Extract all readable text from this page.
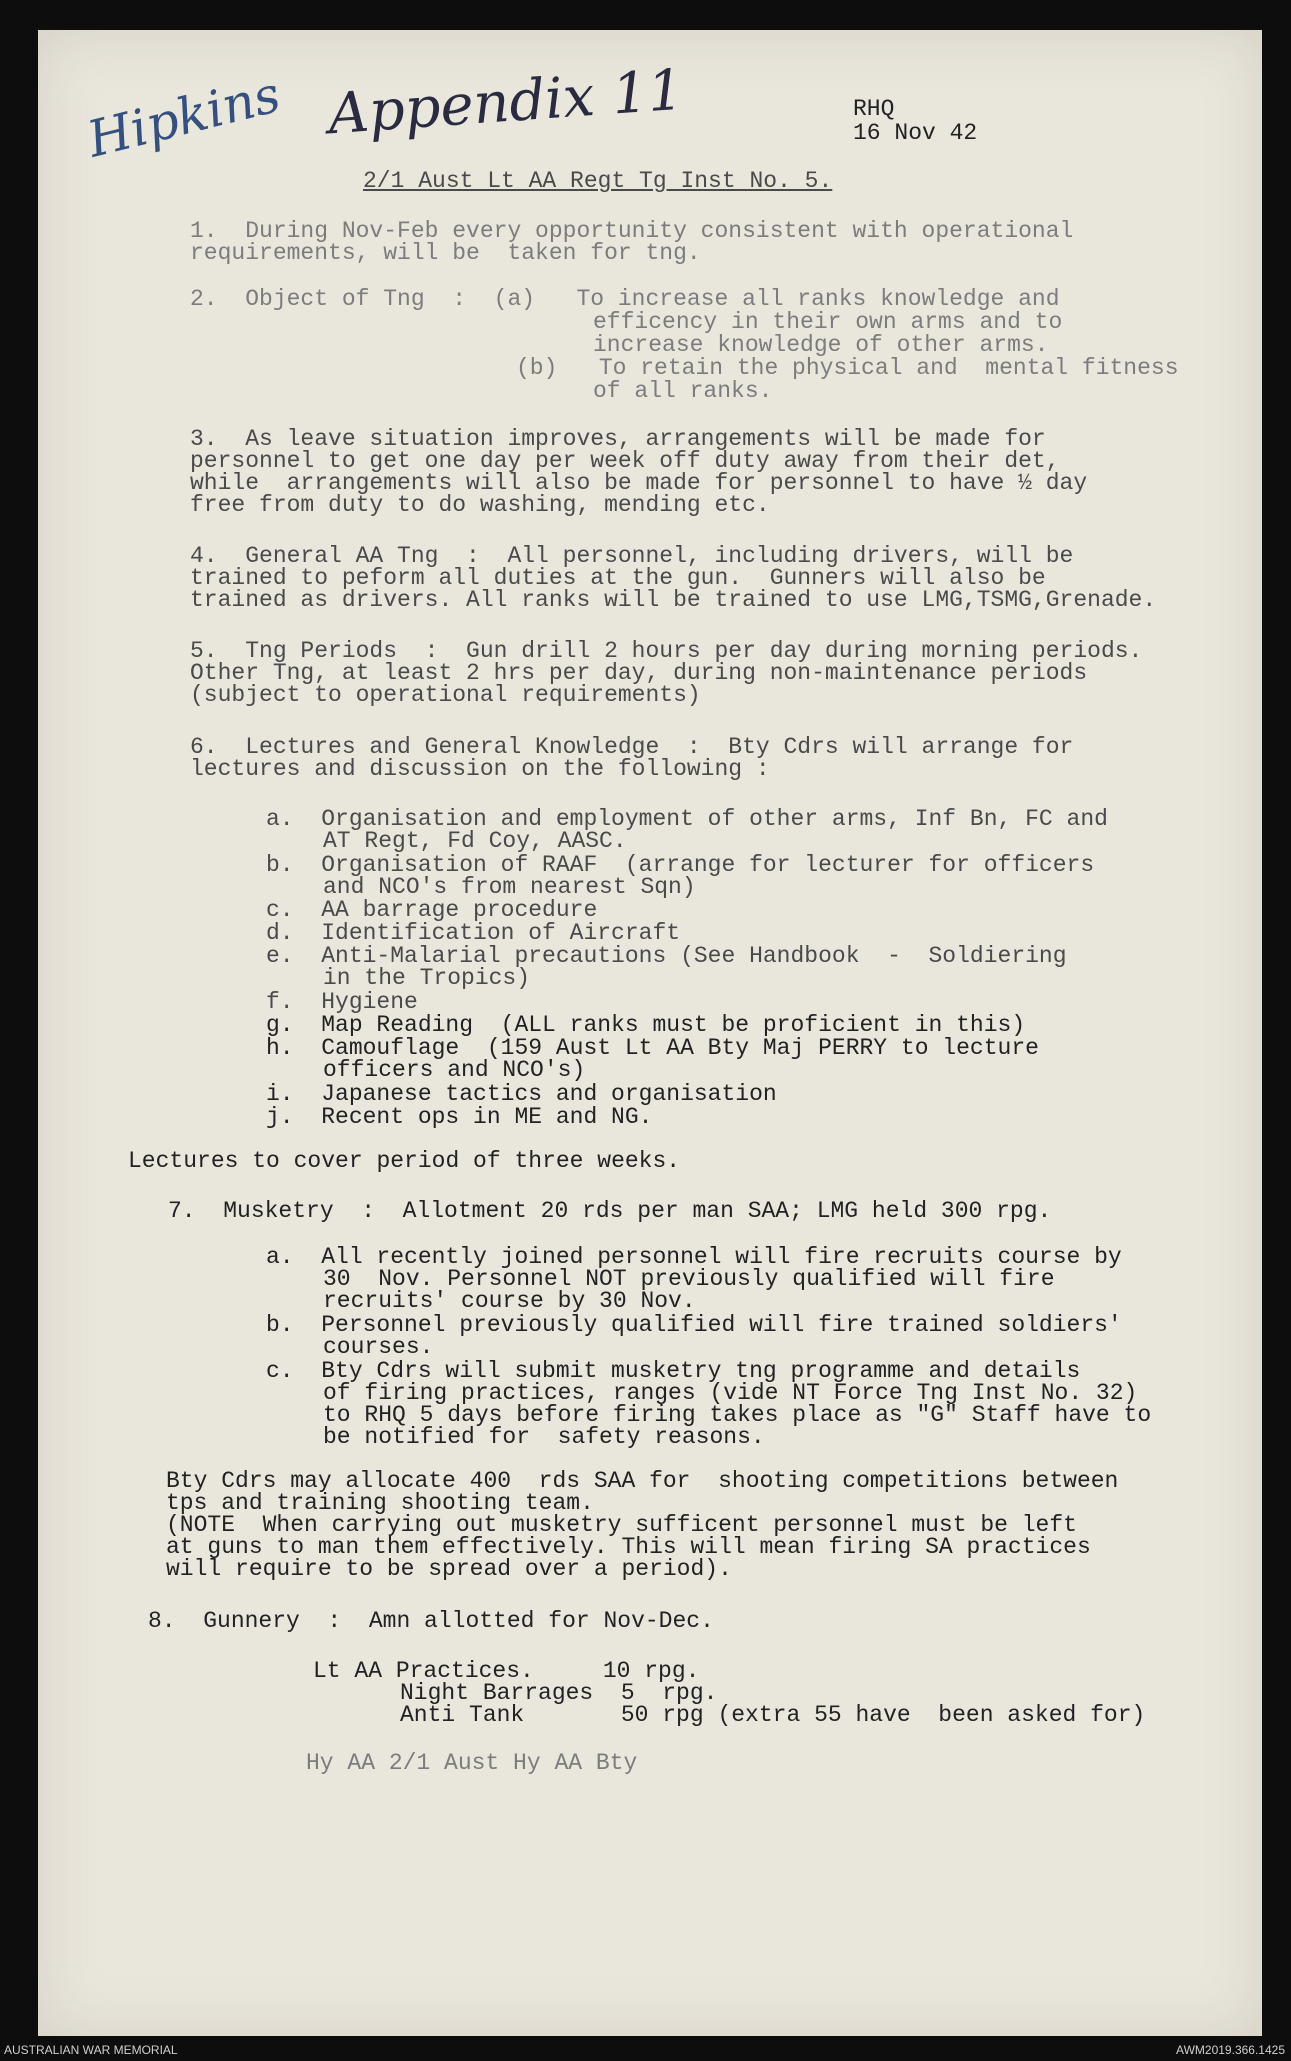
Hipkins Appendix 11	RHQ
16 Nov 42
2/1 Aust Lt AA Regt Tg Inst No. 5.
1.  During Nov-Feb every opportunity consistent with operational
requirements, will be  taken for tng.
2.  Object of Tng  :  (a)   To increase all ranks knowledge and
efficency in their own arms and to
increase knowledge of other arms.
(b)   To retain the physical and  mental fitness
of all ranks.
3.  As leave situation improves, arrangements will be made for
personnel to get one day per week off duty away from their det,
while  arrangements will also be made for personnel to have ½ day
free from duty to do washing, mending etc.
4.  General AA Tng  :  All personnel, including drivers, will be
trained to peform all duties at the gun.  Gunners will also be
trained as drivers. All ranks will be trained to use LMG,TSMG,Grenade.
5.  Tng Periods  :  Gun drill 2 hours per day during morning periods.
Other Tng, at least 2 hrs per day, during non-maintenance periods
(subject to operational requirements)
6.  Lectures and General Knowledge  :  Bty Cdrs will arrange for
lectures and discussion on the following :
a.  Organisation and employment of other arms, Inf Bn, FC and
AT Regt, Fd Coy, AASC.
b.  Organisation of RAAF  (arrange for lecturer for officers
and NCO's from nearest Sqn)
c.  AA barrage procedure
d.  Identification of Aircraft
e.  Anti-Malarial precautions (See Handbook  -  Soldiering
in the Tropics)
f.  Hygiene
g.  Map Reading  (ALL ranks must be proficient in this)
h.  Camouflage  (159 Aust Lt AA Bty Maj PERRY to lecture
officers and NCO's)
i.  Japanese tactics and organisation
j.  Recent ops in ME and NG.
Lectures to cover period of three weeks.
7.  Musketry  :  Allotment 20 rds per man SAA; LMG held 300 rpg.
a.  All recently joined personnel will fire recruits course by
30  Nov. Personnel NOT previously qualified will fire
recruits' course by 30 Nov.
b.  Personnel previously qualified will fire trained soldiers'
courses.
c.  Bty Cdrs will submit musketry tng programme and details
of firing practices, ranges (vide NT Force Tng Inst No. 32)
to RHQ 5 days before firing takes place as "G" Staff have to
be notified for  safety reasons.
Bty Cdrs may allocate 400  rds SAA for  shooting competitions between
tps and training shooting team.
(NOTE  When carrying out musketry sufficent personnel must be left
at guns to man them effectively. This will mean firing SA practices
will require to be spread over a period).
8.  Gunnery  :  Amn allotted for Nov-Dec.
Lt AA Practices.     10 rpg.
Night Barrages  5  rpg.
Anti Tank       50 rpg (extra 55 have  been asked for)
Hy AA 2/1 Aust Hy AA Bty
AUSTRALIAN WAR MEMORIAL	AWM2019.366.1425
